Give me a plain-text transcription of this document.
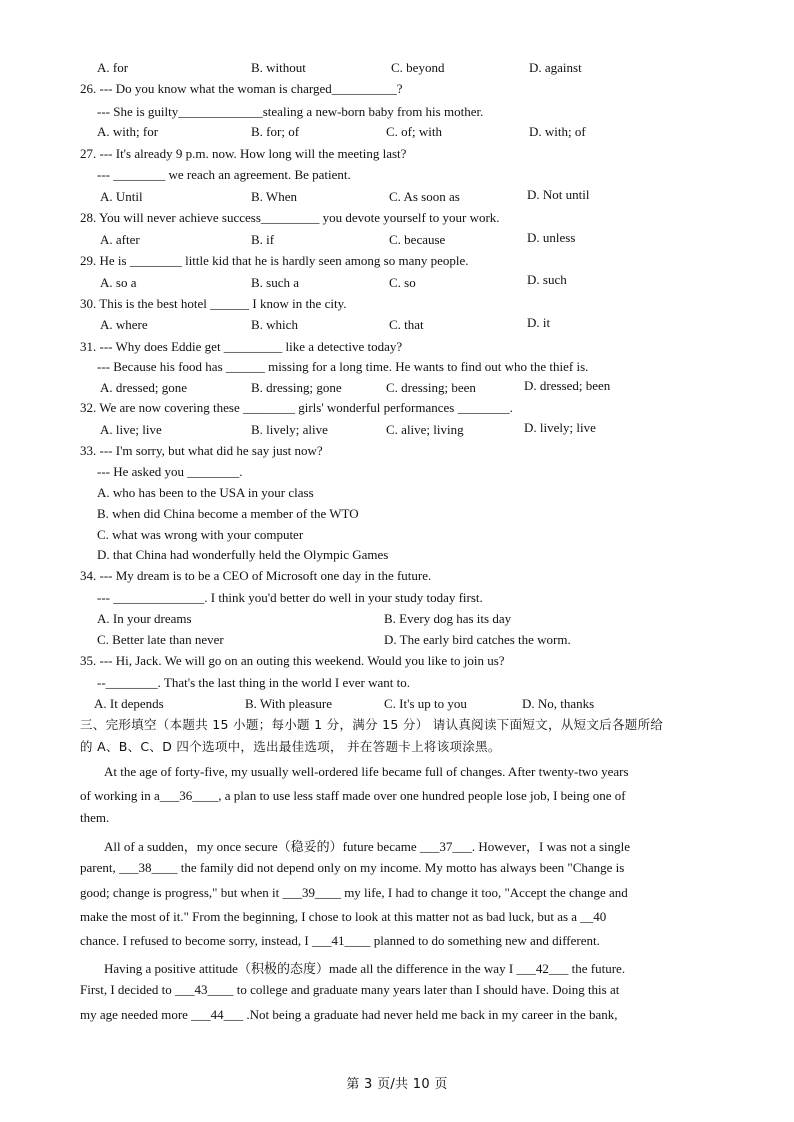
A. for	B. without	C. beyond	D. against
26. --- Do you know what the woman is charged__________?
--- She is guilty_____________stealing a new-born baby from his mother.
A. with; for	B. for; of	C. of; with	D. with; of
27. --- It's already 9 p.m. now. How long will the meeting last?
--- ________ we reach an agreement. Be patient.
A. Until	B. When	C. As soon as	D. Not until
28. You will never achieve success_________ you devote yourself to your work.
A. after	B. if	C. because	D. unless
29. He is ________ little kid that he is hardly seen among so many people.
A. so a	B. such a	C. so	D. such
30. This is the best hotel ______ I know in the city.
A. where	B. which	C. that	D. it
31. --- Why does Eddie get _________ like a detective today?
--- Because his food has ______ missing for a long time. He wants to find out who the thief is.
A. dressed; gone	B. dressing; gone	C. dressing; been	D. dressed; been
32. We are now covering these ________ girls' wonderful performances ________.
A. live; live	B. lively; alive	C. alive; living	D. lively; live
33. --- I'm sorry, but what did he say just now?
--- He asked you ________.
A. who has been to the USA in your class
B. when did China become a member of the WTO
C. what was wrong with your computer
D. that China had wonderfully held the Olympic Games
34. --- My dream is to be a CEO of Microsoft one day in the future.
--- ______________. I think you'd better do well in your study today first.
A. In your dreams	B. Every dog has its day
C. Better late than never	D. The early bird catches the worm.
35. --- Hi, Jack. We will go on an outing this weekend. Would you like to join us?
--________. That's the last thing in the world I ever want to.
A. It depends	B. With pleasure	C. It's up to you	D. No, thanks
三、完形填空（本题共 15 小题；每小题 1 分，满分 15 分） 请认真阅读下面短文，从短文后各题所给
的 A、B、C、D 四个选项中，选出最佳选项， 并在答题卡上将该项涂黑。
At the age of forty-five, my usually well-ordered life became full of changes. After twenty-two years
of working in a___36____, a plan to use less staff made over one hundred people lose job, I being one of
them.
All of a sudden，my once secure（稳妥的）future became ___37___. However，I was not a single
parent, ___38____ the family did not depend only on my income. My motto has always been "Change is
good; change is progress," but when it ___39____ my life, I had to change it too, "Accept the change and
make the most of it." From the beginning, I chose to look at this matter not as bad luck, but as a __40
chance. I refused to become sorry, instead, I ___41____ planned to do something new and different.
Having a positive attitude（积极的态度）made all the difference in the way I ___42___ the future.
First, I decided to ___43____ to college and graduate many years later than I should have. Doing this at
my age needed more ___44___ .Not being a graduate had never held me back in my career in the bank,
第 3 页/共 10 页
